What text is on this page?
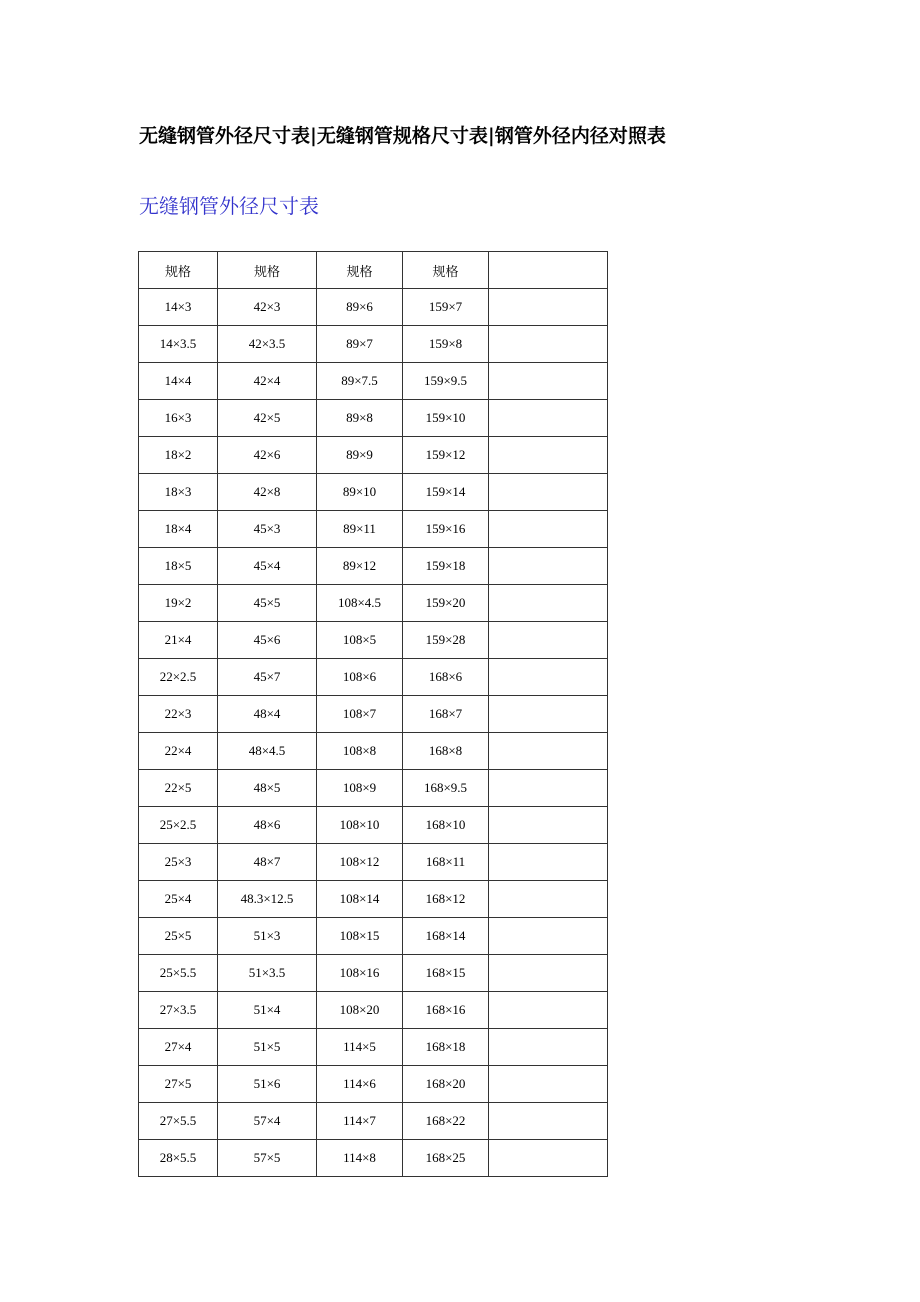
无缝钢管外径尺寸表|无缝钢管规格尺寸表|钢管外径内径对照表
无缝钢管外径尺寸表
规格	规格	规格	规格	
14×3	42×3	89×6	159×7	
14×3.5	42×3.5	89×7	159×8	
14×4	42×4	89×7.5	159×9.5	
16×3	42×5	89×8	159×10	
18×2	42×6	89×9	159×12	
18×3	42×8	89×10	159×14	
18×4	45×3	89×11	159×16	
18×5	45×4	89×12	159×18	
19×2	45×5	108×4.5	159×20	
21×4	45×6	108×5	159×28	
22×2.5	45×7	108×6	168×6	
22×3	48×4	108×7	168×7	
22×4	48×4.5	108×8	168×8	
22×5	48×5	108×9	168×9.5	
25×2.5	48×6	108×10	168×10	
25×3	48×7	108×12	168×11	
25×4	48.3×12.5	108×14	168×12	
25×5	51×3	108×15	168×14	
25×5.5	51×3.5	108×16	168×15	
27×3.5	51×4	108×20	168×16	
27×4	51×5	114×5	168×18	
27×5	51×6	114×6	168×20	
27×5.5	57×4	114×7	168×22	
28×5.5	57×5	114×8	168×25	
